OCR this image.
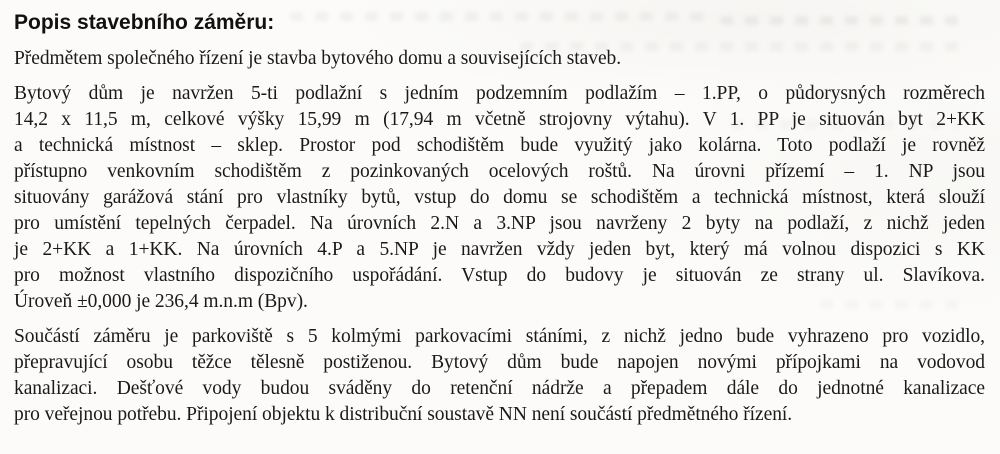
Popis stavebního záměru:
Předmětem společného řízení je stavba bytového domu a souvisejících staveb.
Bytový dům je navržen 5-ti podlažní s jedním podzemním podlažím – 1.PP, o půdorysných rozměrech
14,2 x 11,5 m, celkové výšky 15,99 m (17,94 m včetně strojovny výtahu). V 1. PP je situován byt 2+KK
a technická místnost – sklep. Prostor pod schodištěm bude využitý jako kolárna. Toto podlaží je rovněž
přístupno venkovním schodištěm z pozinkovaných ocelových roštů. Na úrovni přízemí – 1. NP jsou
situovány garážová stání pro vlastníky bytů, vstup do domu se schodištěm a technická místnost, která slouží
pro umístění tepelných čerpadel. Na úrovních 2.N a 3.NP jsou navrženy 2 byty na podlaží, z nichž jeden
je 2+KK a 1+KK. Na úrovních 4.P a 5.NP je navržen vždy jeden byt, který má volnou dispozici s KK
pro možnost vlastního dispozičního uspořádání. Vstup do budovy je situován ze strany ul. Slavíkova.
Úroveň ±0,000 je 236,4 m.n.m (Bpv).
Součástí záměru je parkoviště s 5 kolmými parkovacími stáními, z nichž jedno bude vyhrazeno pro vozidlo,
přepravující osobu těžce tělesně postiženou. Bytový dům bude napojen novými přípojkami na vodovod
kanalizaci. Dešťové vody budou sváděny do retenční nádrže a přepadem dále do jednotné kanalizace
pro veřejnou potřebu. Připojení objektu k distribuční soustavě NN není součástí předmětného řízení.
